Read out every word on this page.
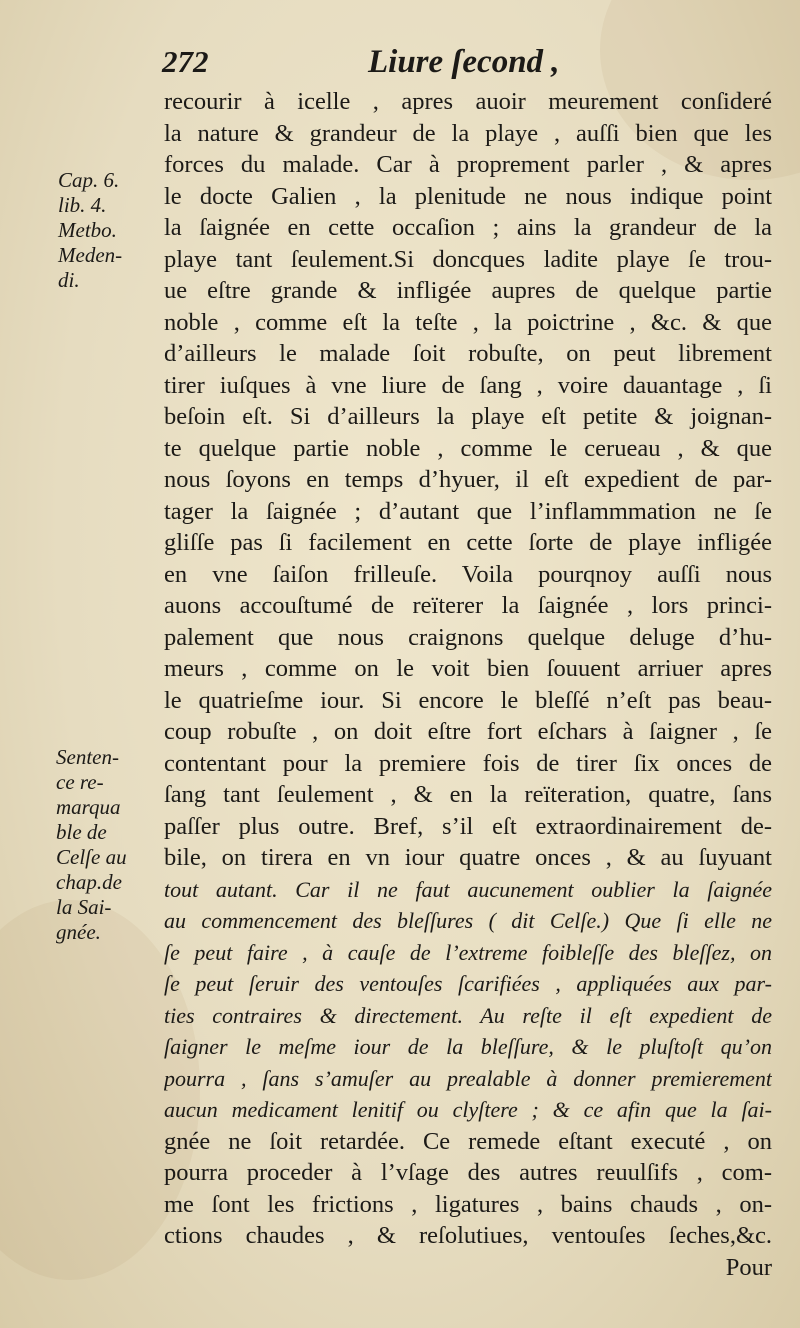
272	Liure ſecond ,
Cap. 6.
lib. 4.
Metbo.
Meden-
di.
Senten-
ce re-
marqua
ble de
Celſe au
chap.de
la Sai-
gnée.
recourir à icelle , apres auoir meurement conſideré
la nature & grandeur de la playe , auſſi bien que les
forces du malade. Car à proprement parler , & apres
le docte Galien , la plenitude ne nous indique point
la ſaignée en cette occaſion ; ains la grandeur de la
playe tant ſeulement.Si doncques ladite playe ſe trou-
ue eſtre grande & infligée aupres de quelque partie
noble , comme eſt la teſte , la poictrine , &c. & que
d’ailleurs le malade ſoit robuſte, on peut librement
tirer iuſques à vne liure de ſang , voire dauantage , ſi
beſoin eſt. Si d’ailleurs la playe eſt petite & joignan-
te quelque partie noble , comme le cerueau , & que
nous ſoyons en temps d’hyuer, il eſt expedient de par-
tager la ſaignée ; d’autant que l’inflammmation ne ſe
gliſſe pas ſi facilement en cette ſorte de playe infligée
en vne ſaiſon frilleuſe. Voila pourqnoy auſſi nous
auons accouſtumé de reïterer la ſaignée , lors princi-
palement que nous craignons quelque deluge d’hu-
meurs , comme on le voit bien ſouuent arriuer apres
le quatrieſme iour. Si encore le bleſſé n’eſt pas beau-
coup robuſte , on doit eſtre fort eſchars à ſaigner , ſe
contentant pour la premiere fois de tirer ſix onces de
ſang tant ſeulement , & en la reïteration, quatre, ſans
paſſer plus outre. Bref, s’il eſt extraordinairement de-
bile, on tirera en vn iour quatre onces , & au ſuyuant
tout autant. Car il ne faut aucunement oublier la ſaignée
au commencement des bleſſures ( dit Celſe.) Que ſi elle ne
ſe peut faire , à cauſe de l’extreme foibleſſe des bleſſez, on
ſe peut ſeruir des ventouſes ſcarifiées , appliquées aux par-
ties contraires & directement. Au reſte il eſt expedient de
ſaigner le meſme iour de la bleſſure, & le pluſtoſt qu’on
pourra , ſans s’amuſer au prealable à donner premierement
aucun medicament lenitif ou clyſtere ; & ce afin que la ſai-
gnée ne ſoit retardée. Ce remede eſtant executé , on
pourra proceder à l’vſage des autres reuulſifs , com-
me ſont les frictions , ligatures , bains chauds , on-
ctions chaudes , & reſolutiues, ventouſes ſeches,&c.
Pour
